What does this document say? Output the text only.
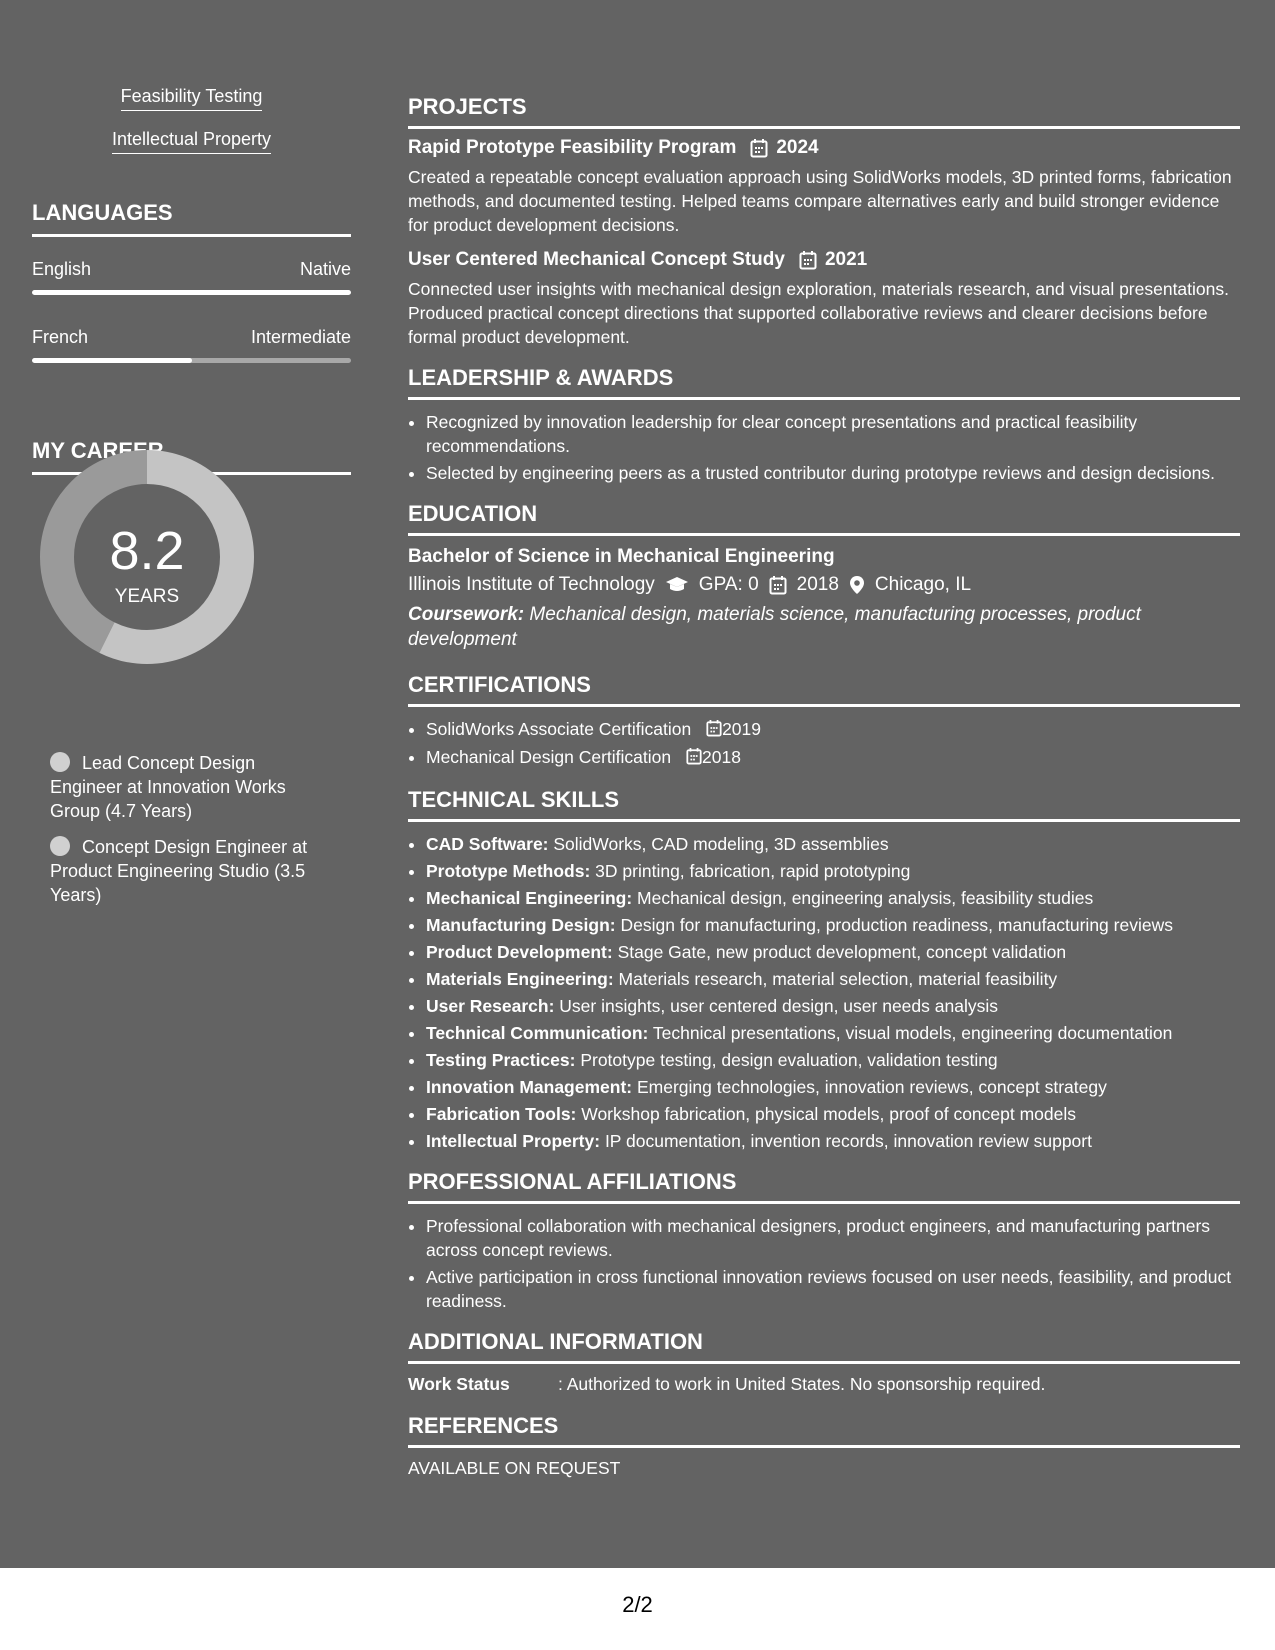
Feasibility Testing
Intellectual Property
LANGUAGES
English	Native
French	Intermediate
MY CAREER
Lead Concept Design Engineer at Innovation Works Group (4.7 Years)
Concept Design Engineer at Product Engineering Studio (3.5 Years)
8.2
YEARS
PROJECTS
Rapid Prototype Feasibility Program 2024

Created a repeatable concept evaluation approach using SolidWorks models, 3D printed forms, fabrication methods, and documented testing. Helped teams compare alternatives early and build stronger evidence for product development decisions.

User Centered Mechanical Concept Study 2021

Connected user insights with mechanical design exploration, materials research, and visual presentations. Produced practical concept directions that supported collaborative reviews and clearer decisions before formal product development.

LEADERSHIP & AWARDS
• Recognized by innovation leadership for clear concept presentations and practical feasibility recommendations.
• Selected by engineering peers as a trusted contributor during prototype reviews and design decisions.
EDUCATION
Bachelor of Science in Mechanical Engineering
Illinois Institute of Technology GPA: 0 2018 Chicago, IL
Coursework: Mechanical design, materials science, manufacturing processes, product development
CERTIFICATIONS
• SolidWorks Associate Certification 2019
• Mechanical Design Certification 2018
TECHNICAL SKILLS
• CAD Software: SolidWorks, CAD modeling, 3D assemblies
• Prototype Methods: 3D printing, fabrication, rapid prototyping
• Mechanical Engineering: Mechanical design, engineering analysis, feasibility studies
• Manufacturing Design: Design for manufacturing, production readiness, manufacturing reviews
• Product Development: Stage Gate, new product development, concept validation
• Materials Engineering: Materials research, material selection, material feasibility
• User Research: User insights, user centered design, user needs analysis
• Technical Communication: Technical presentations, visual models, engineering documentation
• Testing Practices: Prototype testing, design evaluation, validation testing
• Innovation Management: Emerging technologies, innovation reviews, concept strategy
• Fabrication Tools: Workshop fabrication, physical models, proof of concept models
• Intellectual Property: IP documentation, invention records, innovation review support
PROFESSIONAL AFFILIATIONS
• Professional collaboration with mechanical designers, product engineers, and manufacturing partners across concept reviews.
• Active participation in cross functional innovation reviews focused on user needs, feasibility, and product readiness.
ADDITIONAL INFORMATION
Work Status	: Authorized to work in United States. No sponsorship required.
REFERENCES
AVAILABLE ON REQUEST
2/2
